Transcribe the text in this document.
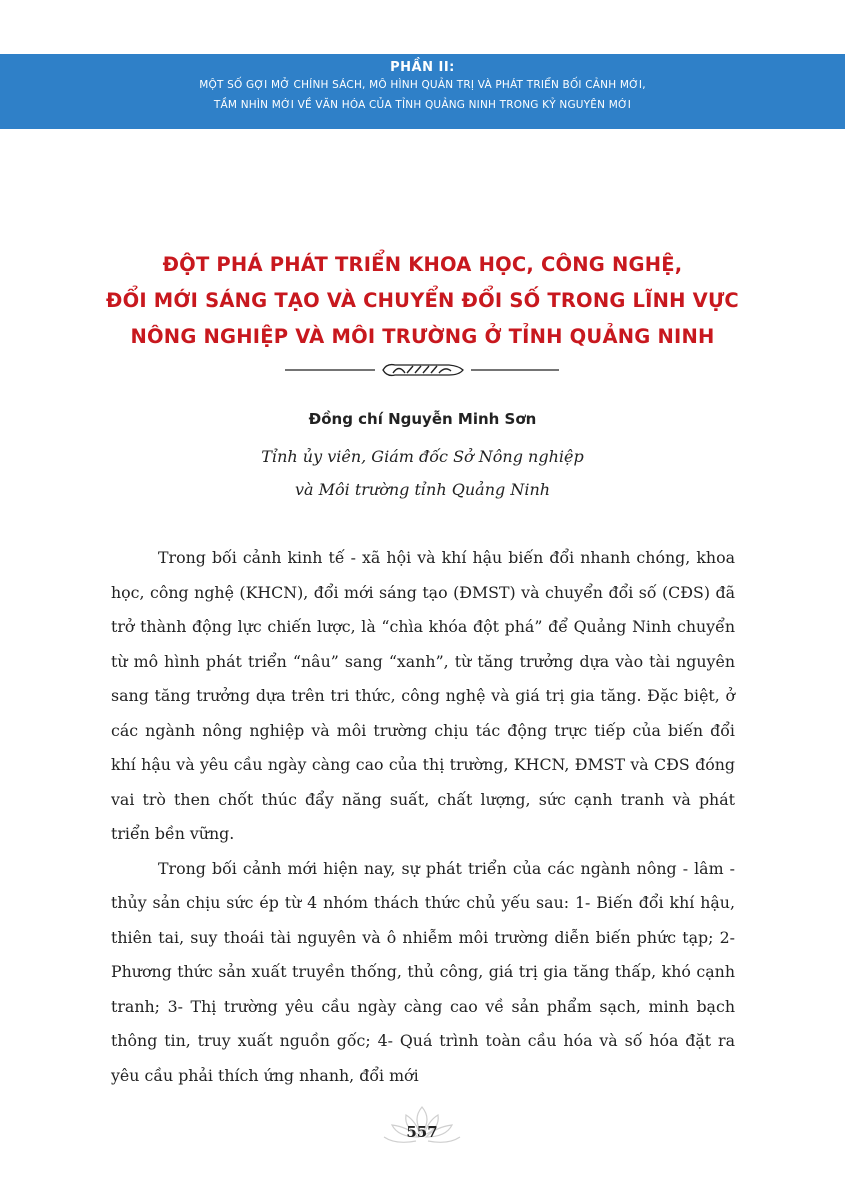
PHẦN II:
MỘT SỐ GỢI MỞ CHÍNH SÁCH, MÔ HÌNH QUẢN TRỊ VÀ PHÁT TRIỂN BỐI CẢNH MỚI,
TẦM NHÌN MỚI VỀ VĂN HÓA CỦA TỈNH QUẢNG NINH TRONG KỶ NGUYÊN MỚI
ĐỘT PHÁ PHÁT TRIỂN KHOA HỌC, CÔNG NGHỆ,
ĐỔI MỚI SÁNG TẠO VÀ CHUYỂN ĐỔI SỐ TRONG LĨNH VỰC
NÔNG NGHIỆP VÀ MÔI TRƯỜNG Ở TỈNH QUẢNG NINH
Đồng chí Nguyễn Minh Sơn
Tỉnh ủy viên, Giám đốc Sở Nông nghiệp
và Môi trường tỉnh Quảng Ninh

Trong bối cảnh kinh tế - xã hội và khí hậu biến đổi nhanh chóng, khoa học, công nghệ (KHCN), đổi mới sáng tạo (ĐMST) và chuyển đổi số (CĐS) đã trở thành động lực chiến lược, là “chìa khóa đột phá” để Quảng Ninh chuyển từ mô hình phát triển “nâu” sang “xanh”, từ tăng trưởng dựa vào tài nguyên sang tăng trưởng dựa trên tri thức, công nghệ và giá trị gia tăng. Đặc biệt, ở các ngành nông nghiệp và môi trường chịu tác động trực tiếp của biến đổi khí hậu và yêu cầu ngày càng cao của thị trường, KHCN, ĐMST và CĐS đóng vai trò then chốt thúc đẩy năng suất, chất lượng, sức cạnh tranh và phát triển bền vững.

Trong bối cảnh mới hiện nay, sự phát triển của các ngành nông - lâm - thủy sản chịu sức ép từ 4 nhóm thách thức chủ yếu sau: 1- Biến đổi khí hậu, thiên tai, suy thoái tài nguyên và ô nhiễm môi trường diễn biến phức tạp; 2- Phương thức sản xuất truyền thống, thủ công, giá trị gia tăng thấp, khó cạnh tranh; 3- Thị trường yêu cầu ngày càng cao về sản phẩm sạch, minh bạch thông tin, truy xuất nguồn gốc; 4- Quá trình toàn cầu hóa và số hóa đặt ra yêu cầu phải thích ứng nhanh, đổi mới

557
